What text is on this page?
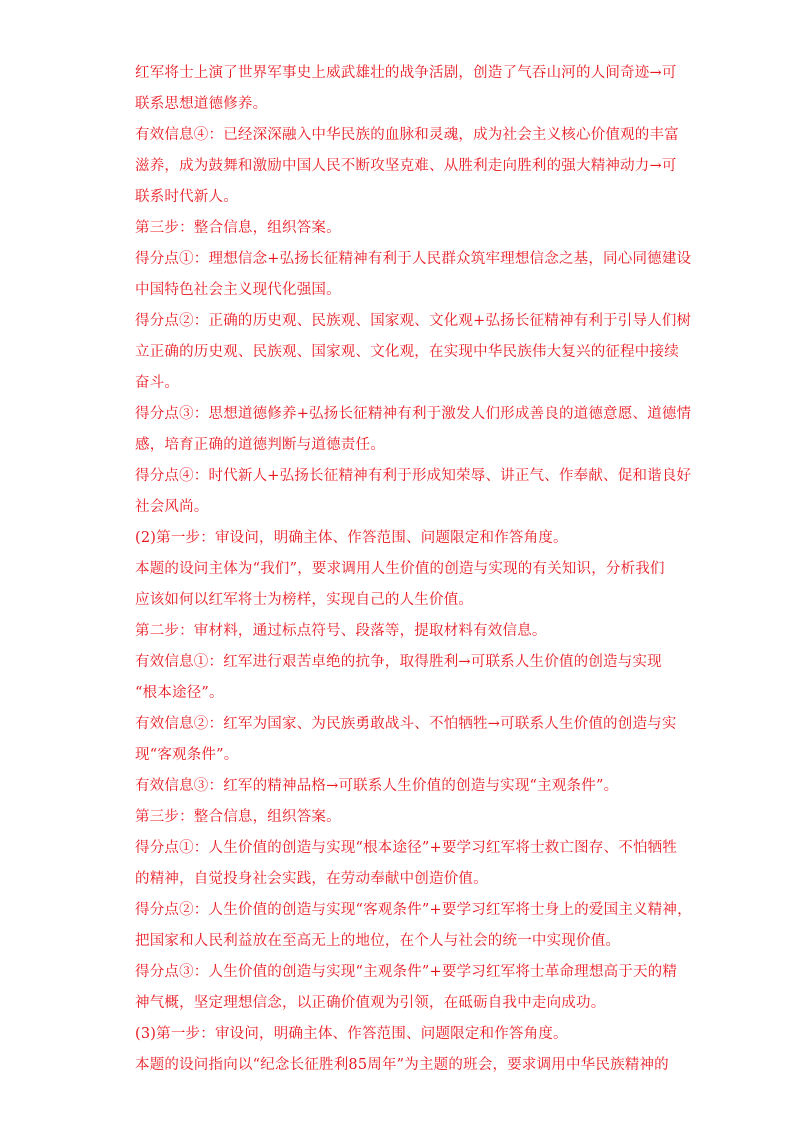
红军将士上演了世界军事史上威武雄壮的战争活剧，创造了气吞山河的人间奇迹→可
联系思想道德修养。
有效信息④：已经深深融入中华民族的血脉和灵魂，成为社会主义核心价值观的丰富
滋养，成为鼓舞和激励中国人民不断攻坚克难、从胜利走向胜利的强大精神动力→可
联系时代新人。
第三步：整合信息，组织答案。
得分点①：理想信念+弘扬长征精神有利于人民群众筑牢理想信念之基，同心同德建设
中国特色社会主义现代化强国。
得分点②：正确的历史观、民族观、国家观、文化观+弘扬长征精神有利于引导人们树
立正确的历史观、民族观、国家观、文化观，在实现中华民族伟大复兴的征程中接续
奋斗。
得分点③：思想道德修养+弘扬长征精神有利于激发人们形成善良的道德意愿、道德情
感，培育正确的道德判断与道德责任。
得分点④：时代新人+弘扬长征精神有利于形成知荣辱、讲正气、作奉献、促和谐良好
社会风尚。
(2)第一步：审设问，明确主体、作答范围、问题限定和作答角度。
本题的设问主体为“我们”，要求调用人生价值的创造与实现的有关知识，分析我们
应该如何以红军将士为榜样，实现自己的人生价值。
第二步：审材料，通过标点符号、段落等，提取材料有效信息。
有效信息①：红军进行艰苦卓绝的抗争，取得胜利→可联系人生价值的创造与实现
“根本途径”。
有效信息②：红军为国家、为民族勇敢战斗、不怕牺牲→可联系人生价值的创造与实
现“客观条件”。
有效信息③：红军的精神品格→可联系人生价值的创造与实现“主观条件”。
第三步：整合信息，组织答案。
得分点①：人生价值的创造与实现“根本途径”+要学习红军将士救亡图存、不怕牺牲
的精神，自觉投身社会实践，在劳动奉献中创造价值。
得分点②：人生价值的创造与实现“客观条件”+要学习红军将士身上的爱国主义精神，
把国家和人民利益放在至高无上的地位，在个人与社会的统一中实现价值。
得分点③：人生价值的创造与实现“主观条件”+要学习红军将士革命理想高于天的精
神气概，坚定理想信念，以正确价值观为引领，在砥砺自我中走向成功。
(3)第一步：审设问，明确主体、作答范围、问题限定和作答角度。
本题的设问指向以“纪念长征胜利85周年”为主题的班会，要求调用中华民族精神的
